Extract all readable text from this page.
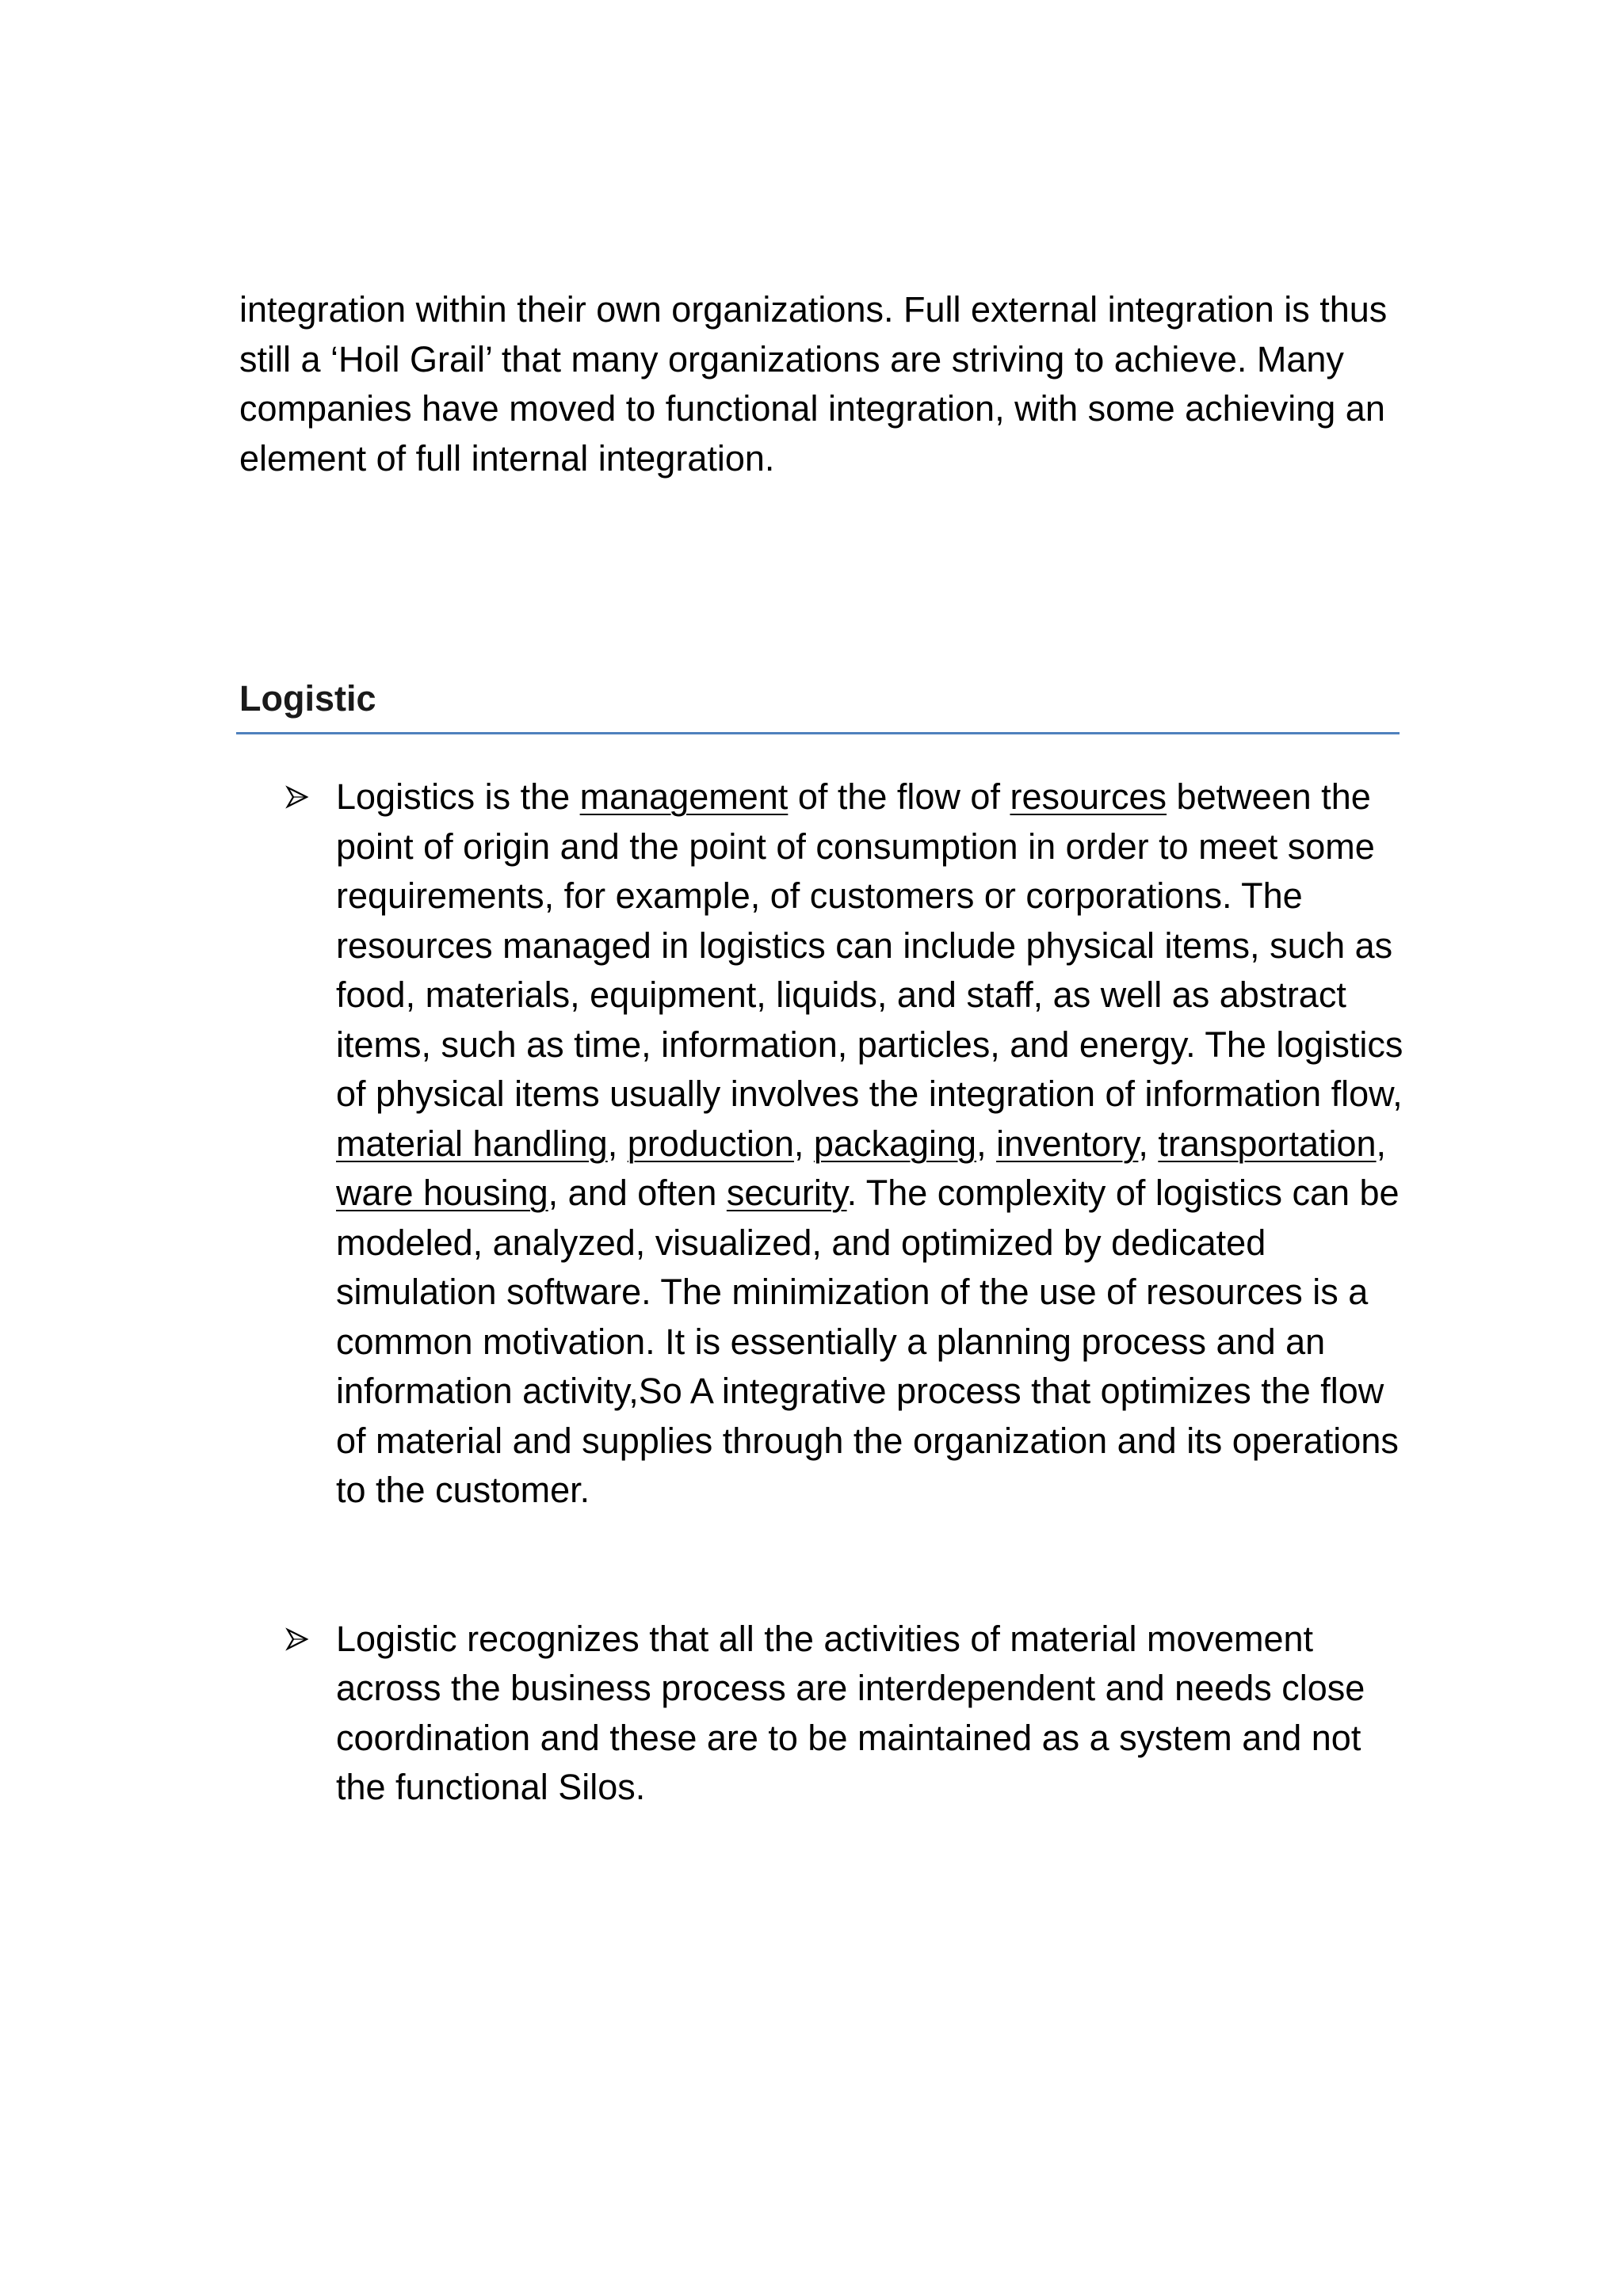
integration within their own organizations. Full external integration is thus still a ‘Hoil Grail’ that many organizations are striving to achieve. Many companies have moved to functional integration, with some achieving an element of full internal integration.

Logistic
Logistics is the management of the flow of resources between the point of origin and the point of consumption in order to meet some requirements, for example, of customers or corporations. The resources managed in logistics can include physical items, such as food, materials, equipment, liquids, and staff, as well as abstract items, such as time, information, particles, and energy. The logistics of physical items usually involves the integration of information flow, material handling, production, packaging, inventory, transportation, ware housing, and often security. The complexity of logistics can be modeled, analyzed, visualized, and optimized by dedicated simulation software. The minimization of the use of resources is a common motivation. It is essentially a planning process and an information activity,So A integrative process that optimizes the flow of material and supplies through the organization and its operations to the customer.
Logistic recognizes that all the activities of material movement across the business process are interdependent and needs close coordination and these are to be maintained as a system and not the functional Silos.
